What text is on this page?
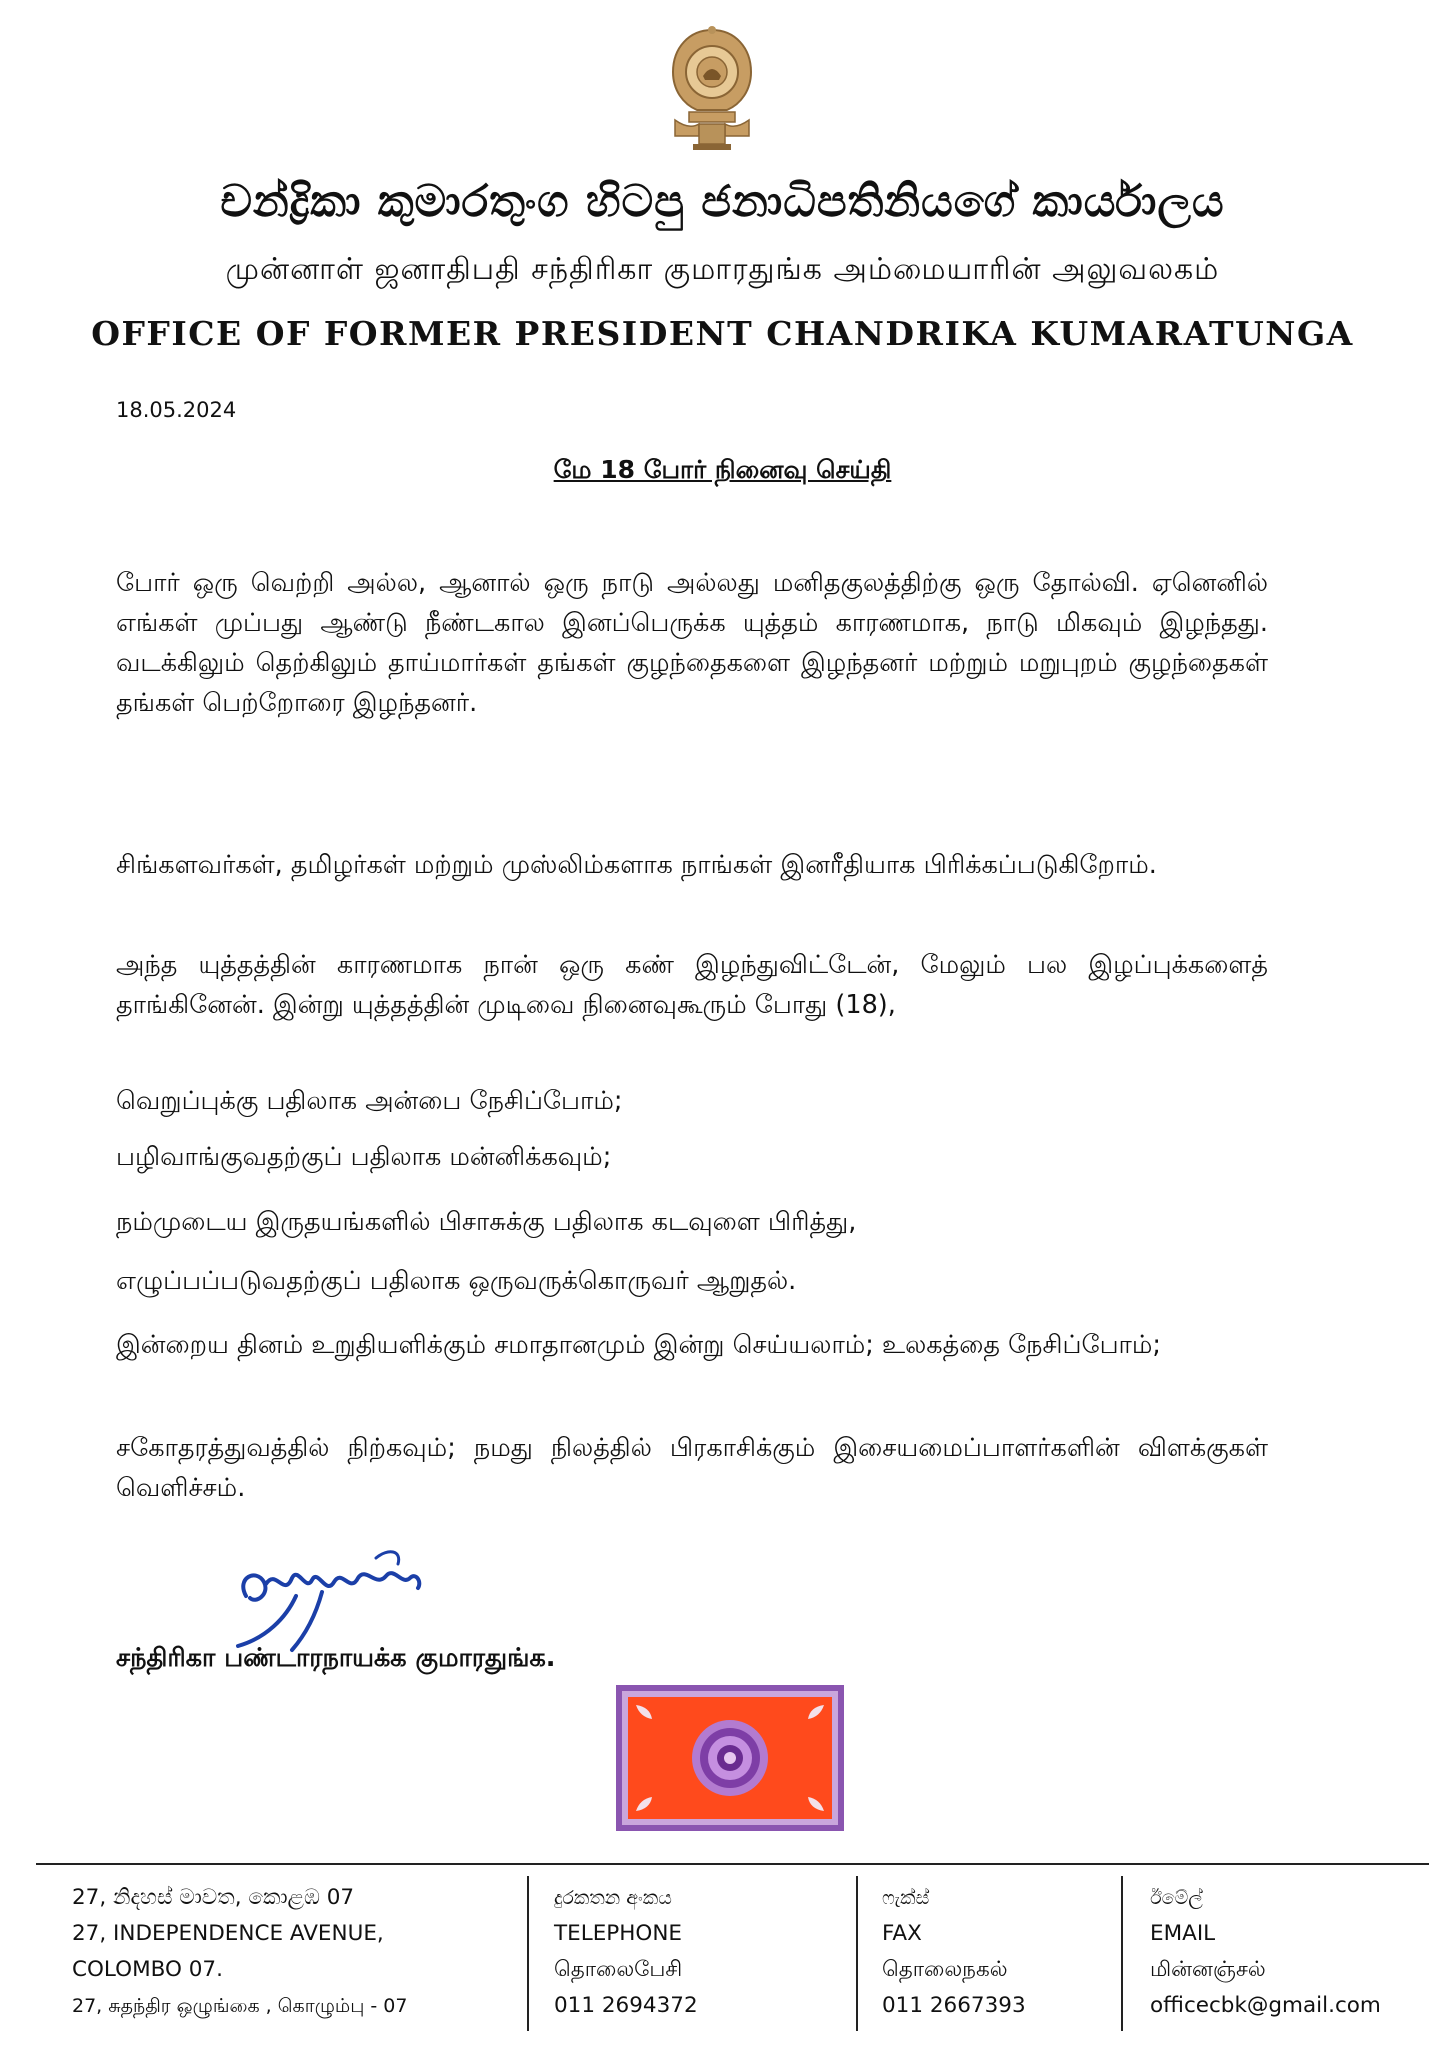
චන්ද්‍රිකා කුමාරතුංග හිටපු ජනාධිපතිනියගේ කාර්යාලය
முன்னாள் ஜனாதிபதி சந்திரிகா குமாரதுங்க அம்மையாரின் அலுவலகம்
OFFICE OF FORMER PRESIDENT CHANDRIKA KUMARATUNGA
18.05.2024
மே 18 போர் நினைவு செய்தி
போர் ஒரு வெற்றி அல்ல, ஆனால் ஒரு நாடு அல்லது மனிதகுலத்திற்கு ஒரு தோல்வி. ஏனெனில் எங்கள் முப்பது ஆண்டு நீண்டகால இனப்பெருக்க யுத்தம் காரணமாக, நாடு மிகவும் இழந்தது. வடக்கிலும் தெற்கிலும் தாய்மார்கள் தங்கள் குழந்தைகளை இழந்தனர் மற்றும் மறுபுறம் குழந்தைகள் தங்கள் பெற்றோரை இழந்தனர்.
சிங்களவர்கள், தமிழர்கள் மற்றும் முஸ்லிம்களாக நாங்கள் இனரீதியாக பிரிக்கப்படுகிறோம்.
அந்த யுத்தத்தின் காரணமாக நான் ஒரு கண் இழந்துவிட்டேன், மேலும் பல இழப்புக்களைத் தாங்கினேன். இன்று யுத்தத்தின் முடிவை நினைவுகூரும் போது (18),
வெறுப்புக்கு பதிலாக அன்பை நேசிப்போம்;
பழிவாங்குவதற்குப் பதிலாக மன்னிக்கவும்;
நம்முடைய இருதயங்களில் பிசாசுக்கு பதிலாக கடவுளை பிரித்து,
எழுப்பப்படுவதற்குப் பதிலாக ஒருவருக்கொருவர் ஆறுதல்.
இன்றைய தினம் உறுதியளிக்கும் சமாதானமும் இன்று செய்யலாம்; உலகத்தை நேசிப்போம்;
சகோதரத்துவத்தில் நிற்கவும்; நமது நிலத்தில் பிரகாசிக்கும் இசையமைப்பாளர்களின் விளக்குகள் வெளிச்சம்.
சந்திரிகா பண்டாரநாயக்க குமாரதுங்க.
27, නිදහස් මාවත, කොළඹ 07
27, INDEPENDENCE AVENUE,
COLOMBO 07.
27, சுதந்திர ஒழுங்கை , கொழும்பு - 07
දුරකතන අංකය
TELEPHONE
தொலைபேசி
011 2694372
ෆැක්ස්
FAX
தொலைநகல்
011 2667393
ඊමේල්
EMAIL
மின்னஞ்சல்
officecbk@gmail.com
